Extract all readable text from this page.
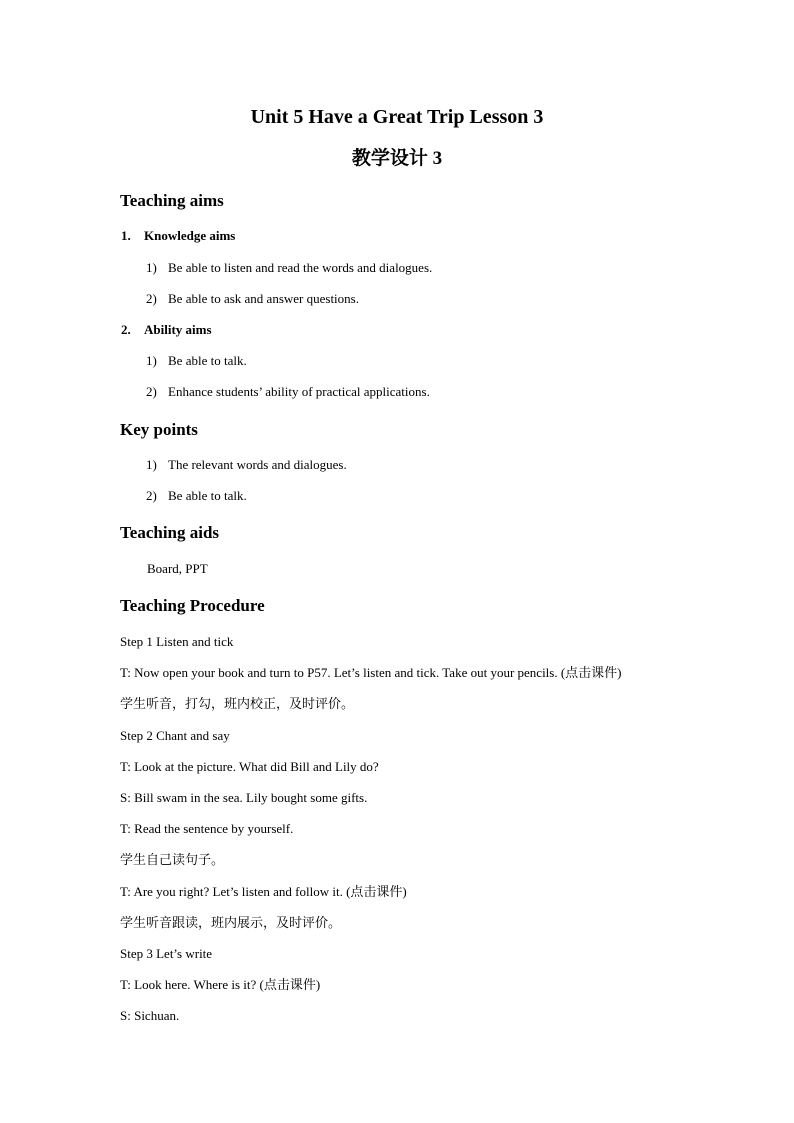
Unit 5 Have a Great Trip Lesson 3
教学设计 3
Teaching aims
1. Knowledge aims
1) Be able to listen and read the words and dialogues.
2) Be able to ask and answer questions.
2. Ability aims
1) Be able to talk.
2) Enhance students’ ability of practical applications.
Key points
1) The relevant words and dialogues.
2) Be able to talk.
Teaching aids
Board, PPT
Teaching Procedure
Step 1 Listen and tick
T: Now open your book and turn to P57. Let’s listen and tick. Take out your pencils. (点击课件)
学生听音，打勾，班内校正，及时评价。
Step 2 Chant and say
T: Look at the picture. What did Bill and Lily do?
S: Bill swam in the sea. Lily bought some gifts.
T: Read the sentence by yourself.
学生自己读句子。
T: Are you right? Let’s listen and follow it. (点击课件)
学生听音跟读，班内展示，及时评价。
Step 3 Let’s write
T: Look here. Where is it? (点击课件)
S: Sichuan.
